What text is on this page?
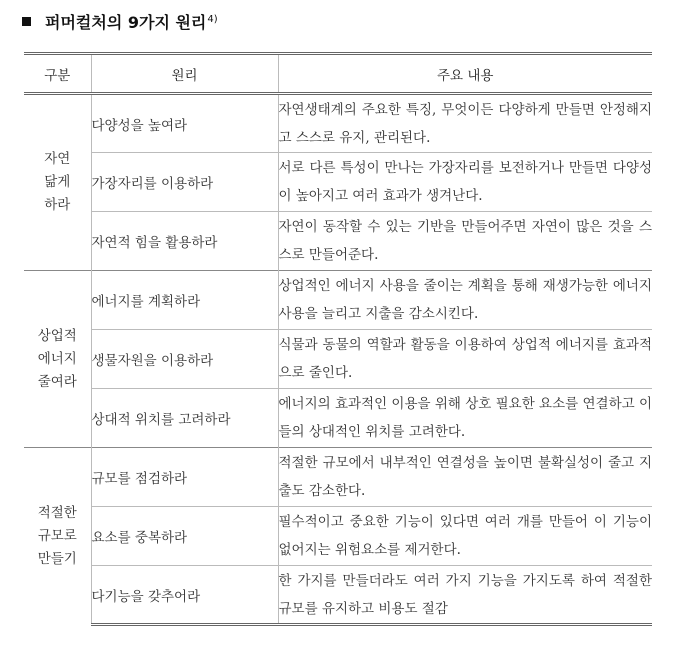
퍼머컬처의 9가지 원리$^{4)}$
구분	원리	주요 내용

자연
닮게
하라	다양성을 높여라	자연생태계의 주요한 특징, 무엇이든 다양하게 만들면 안정해지고 스스로 유지, 관리된다.
	가장자리를 이용하라	서로 다른 특성이 만나는 가장자리를 보전하거나 만들면 다양성이 높아지고 여러 효과가 생겨난다.
	자연적 힘을 활용하라	자연이 동작할 수 있는 기반을 만들어주면 자연이 많은 것을 스스로 만들어준다.

상업적
에너지
줄여라	에너지를 계획하라	상업적인 에너지 사용을 줄이는 계획을 통해 재생가능한 에너지 사용을 늘리고 지출을 감소시킨다.
	생물자원을 이용하라	식물과 동물의 역할과 활동을 이용하여 상업적 에너지를 효과적으로 줄인다.
	상대적 위치를 고려하라	에너지의 효과적인 이용을 위해 상호 필요한 요소를 연결하고 이들의 상대적인 위치를 고려한다.

적절한
규모로
만들기	규모를 점검하라	적절한 규모에서 내부적인 연결성을 높이면 불확실성이 줄고 지출도 감소한다.
	요소를 중복하라	필수적이고 중요한 기능이 있다면 여러 개를 만들어 이 기능이 없어지는 위험요소를 제거한다.
	다기능을 갖추어라	한 가지를 만들더라도 여러 가지 기능을 가지도록 하여 적절한 규모를 유지하고 비용도 절감
